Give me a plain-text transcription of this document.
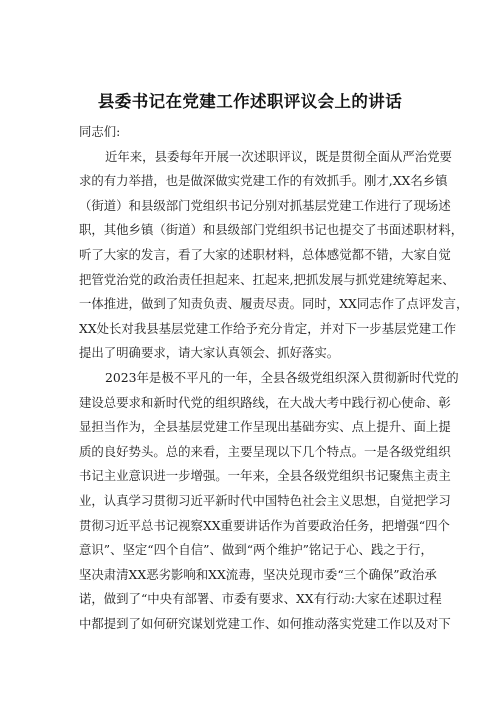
县委书记在党建工作述职评议会上的讲话
同志们:
近年来，县委每年开展一次述职评议，既是贯彻全面从严治党要
求的有力举措，也是做深做实党建工作的有效抓手。刚才,XX名乡镇
（街道）和县级部门党组织书记分别对抓基层党建工作进行了现场述
职，其他乡镇（街道）和县级部门党组织书记也提交了书面述职材料，
听了大家的发言，看了大家的述职材料，总体感觉都不错，大家自觉
把管党治党的政治责任担起来、扛起来,把抓发展与抓党建统筹起来、
一体推进，做到了知责负责、履责尽责。同时，XX同志作了点评发言，
XX处长对我县基层党建工作给予充分肯定，并对下一步基层党建工作
提出了明确要求，请大家认真领会、抓好落实。
2023年是极不平凡的一年，全县各级党组织深入贯彻新时代党的
建设总要求和新时代党的组织路线，在大战大考中践行初心使命、彰
显担当作为，全县基层党建工作呈现出基础夯实、点上提升、面上提
质的良好势头。总的来看，主要呈现以下几个特点。一是各级党组织
书记主业意识进一步增强。一年来，全县各级党组织书记聚焦主责主
业，认真学习贯彻习近平新时代中国特色社会主义思想，自觉把学习
贯彻习近平总书记视察XX重要讲话作为首要政治任务，把增强“四个
意识”、坚定“四个自信”、做到“两个维护”铭记于心、践之于行，
坚决肃清XX恶劣影响和XX流毒，坚决兑现市委“三个确保”政治承
诺，做到了“中央有部署、市委有要求、XX有行动:大家在述职过程
中都提到了如何研究谋划党建工作、如何推动落实党建工作以及对下
